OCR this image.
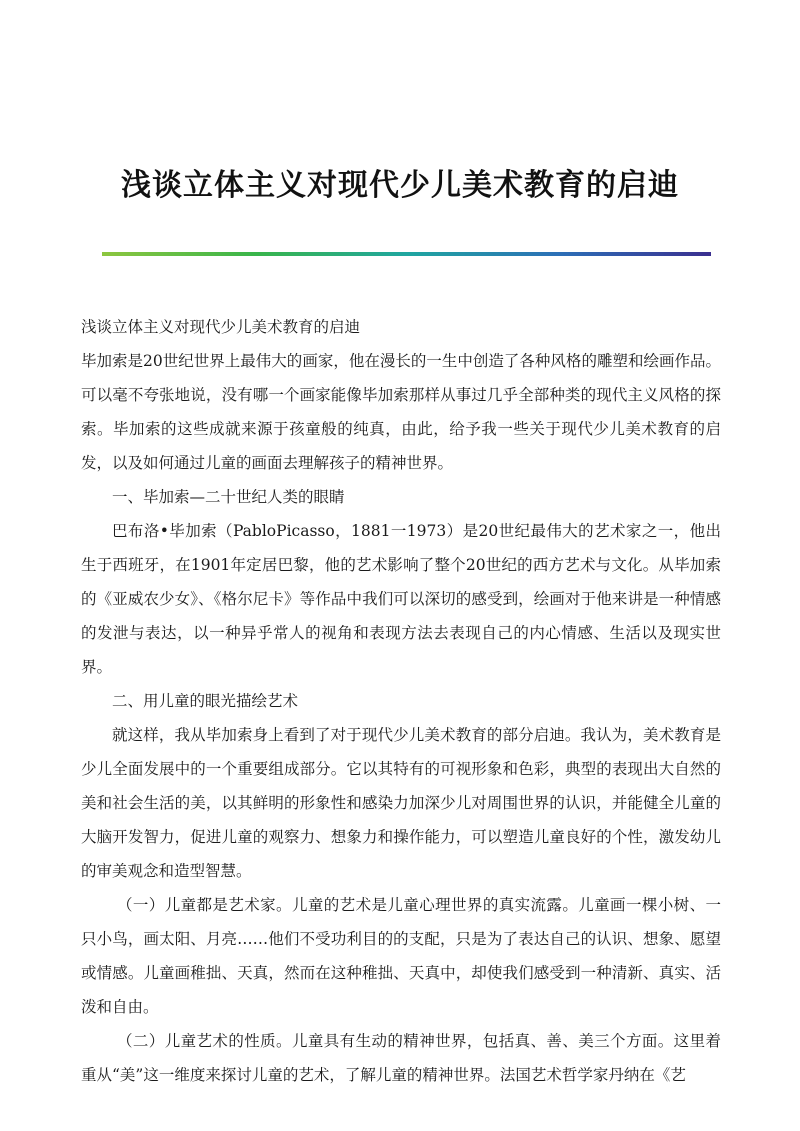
浅谈立体主义对现代少儿美术教育的启迪

浅谈立体主义对现代少儿美术教育的启迪

毕加索是20世纪世界上最伟大的画家，他在漫长的一生中创造了各种风格的雕塑和绘画作品。可以毫不夸张地说，没有哪一个画家能像毕加索那样从事过几乎全部种类的现代主义风格的探索。毕加索的这些成就来源于孩童般的纯真，由此，给予我一些关于现代少儿美术教育的启发，以及如何通过儿童的画面去理解孩子的精神世界。

一、毕加索—二十世纪人类的眼睛

巴布洛•毕加索（PabloPicasso，1881一1973）是20世纪最伟大的艺术家之一，他出生于西班牙，在1901年定居巴黎，他的艺术影响了整个20世纪的西方艺术与文化。从毕加索的《亚威农少女》、《格尔尼卡》等作品中我们可以深切的感受到，绘画对于他来讲是一种情感的发泄与表达，以一种异乎常人的视角和表现方法去表现自己的内心情感、生活以及现实世界。

二、用儿童的眼光描绘艺术

就这样，我从毕加索身上看到了对于现代少儿美术教育的部分启迪。我认为，美术教育是少儿全面发展中的一个重要组成部分。它以其特有的可视形象和色彩，典型的表现出大自然的美和社会生活的美，以其鲜明的形象性和感染力加深少儿对周围世界的认识，并能健全儿童的大脑开发智力，促进儿童的观察力、想象力和操作能力，可以塑造儿童良好的个性，激发幼儿的审美观念和造型智慧。

（一）儿童都是艺术家。儿童的艺术是儿童心理世界的真实流露。儿童画一棵小树、一只小鸟，画太阳、月亮……他们不受功利目的的支配，只是为了表达自己的认识、想象、愿望或情感。儿童画稚拙、天真，然而在这种稚拙、天真中，却使我们感受到一种清新、真实、活泼和自由。

（二）儿童艺术的性质。儿童具有生动的精神世界，包括真、善、美三个方面。这里着重从“美”这一维度来探讨儿童的艺术，了解儿童的精神世界。法国艺术哲学家丹纳在《艺
